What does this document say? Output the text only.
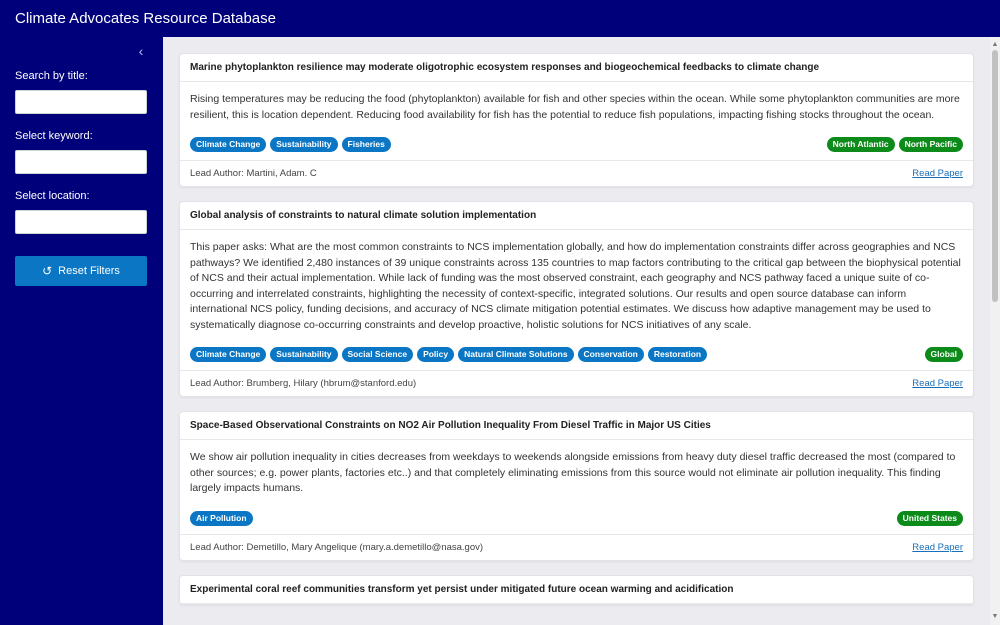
Climate Advocates Resource Database
‹
Search by title:
Select keyword:
Select location:
↺ Reset Filters
Marine phytoplankton resilience may moderate oligotrophic ecosystem responses and biogeochemical feedbacks to climate change

Rising temperatures may be reducing the food (phytoplankton) available for fish and other species within the ocean. While some phytoplankton communities are more resilient, this is location dependent. Reducing food availability for fish has the potential to reduce fish populations, impacting fishing stocks throughout the ocean.

Climate Change	Sustainability	Fisheries	North Atlantic	North Pacific
Lead Author: Martini, Adam. C	Read Paper
Global analysis of constraints to natural climate solution implementation

This paper asks: What are the most common constraints to NCS implementation globally, and how do implementation constraints differ across geographies and NCS pathways? We identified 2,480 instances of 39 unique constraints across 135 countries to map factors contributing to the critical gap between the biophysical potential of NCS and their actual implementation. While lack of funding was the most observed constraint, each geography and NCS pathway faced a unique suite of co-occurring and interrelated constraints, highlighting the necessity of context-specific, integrated solutions. Our results and open source database can inform international NCS policy, funding decisions, and accuracy of NCS climate mitigation potential estimates. We discuss how adaptive management may be used to systematically diagnose co-occurring constraints and develop proactive, holistic solutions for NCS initiatives of any scale.

Climate Change	Sustainability	Social Science	Policy	Natural Climate Solutions	Conservation	Restoration	Global
Lead Author: Brumberg, Hilary (hbrum@stanford.edu)	Read Paper
Space-Based Observational Constraints on NO2 Air Pollution Inequality From Diesel Traffic in Major US Cities

We show air pollution inequality in cities decreases from weekdays to weekends alongside emissions from heavy duty diesel traffic decreased the most (compared to other sources; e.g. power plants, factories etc..) and that completely eliminating emissions from this source would not eliminate air pollution inequality. This finding largely impacts humans.

Air Pollution	United States
Lead Author: Demetillo, Mary Angelique (mary.a.demetillo@nasa.gov)	Read Paper
Experimental coral reef communities transform yet persist under mitigated future ocean warming and acidification
▲
▼
